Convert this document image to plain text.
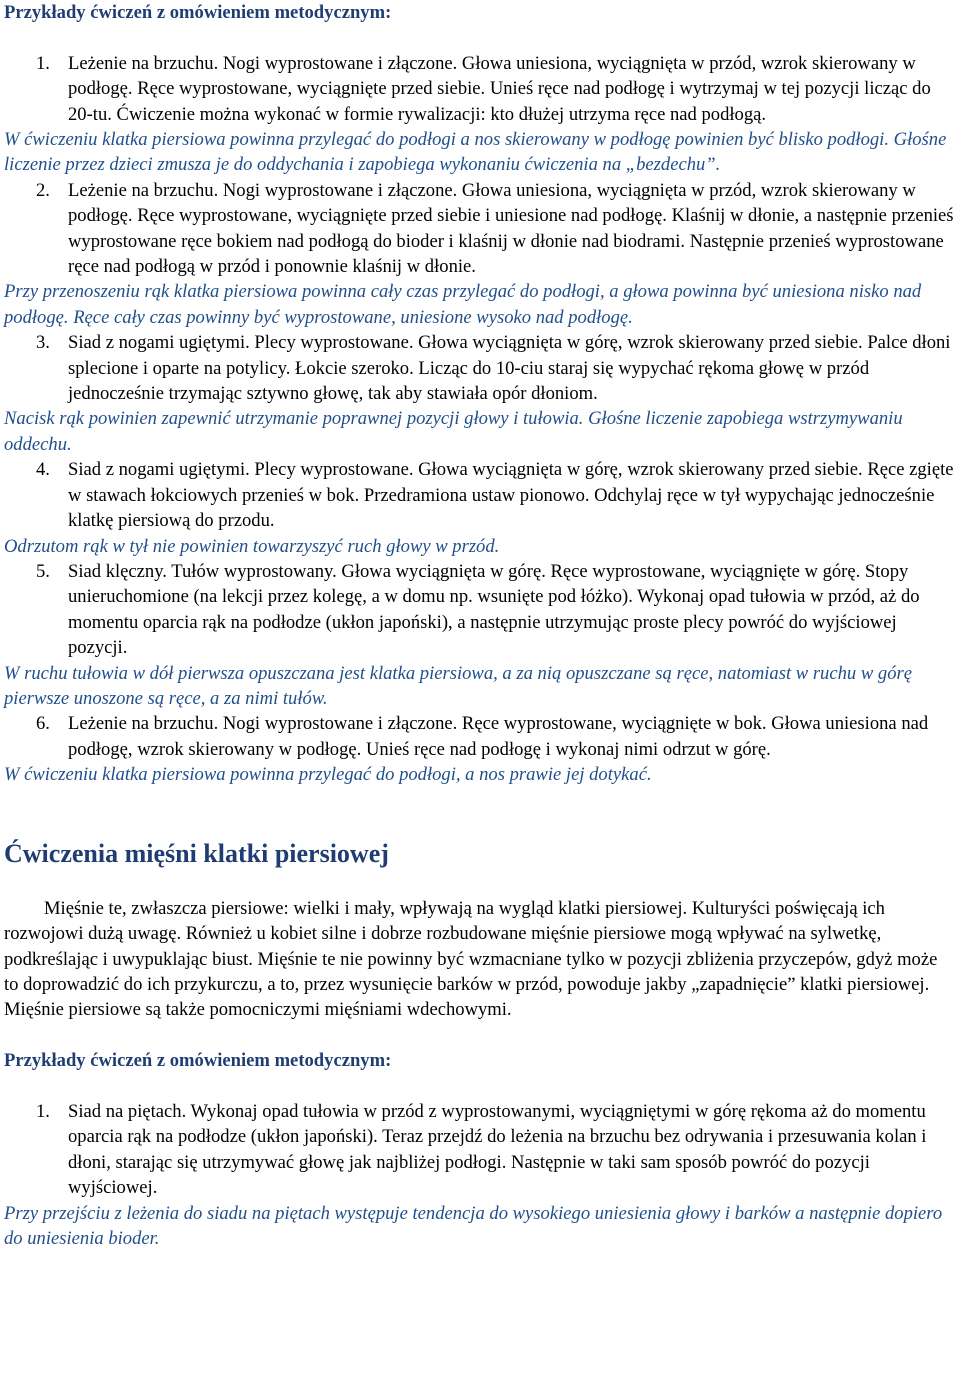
Przykłady ćwiczeń z omówieniem metodycznym:
1. Leżenie na brzuchu. Nogi wyprostowane i złączone. Głowa uniesiona, wyciągnięta w przód, wzrok skierowany w podłogę. Ręce wyprostowane, wyciągnięte przed siebie. Unieś ręce nad podłogę i wytrzymaj w tej pozycji licząc do 20-tu. Ćwiczenie można wykonać w formie rywalizacji: kto dłużej utrzyma ręce nad podłogą.
W ćwiczeniu klatka piersiowa powinna przylegać do podłogi a nos skierowany w podłogę powinien być blisko podłogi. Głośne liczenie przez dzieci zmusza je do oddychania i zapobiega wykonaniu ćwiczenia na „bezdechu”.
2. Leżenie na brzuchu. Nogi wyprostowane i złączone. Głowa uniesiona, wyciągnięta w przód, wzrok skierowany w podłogę. Ręce wyprostowane, wyciągnięte przed siebie i uniesione nad podłogę. Klaśnij w dłonie, a następnie przenieś wyprostowane ręce bokiem nad podłogą do bioder i klaśnij w dłonie nad biodrami. Następnie przenieś wyprostowane ręce nad podłogą w przód i ponownie klaśnij w dłonie.
Przy przenoszeniu rąk klatka piersiowa powinna cały czas przylegać do podłogi, a głowa powinna być uniesiona nisko nad podłogę. Ręce cały czas powinny być wyprostowane, uniesione wysoko nad podłogę.
3. Siad z nogami ugiętymi. Plecy wyprostowane. Głowa wyciągnięta w górę, wzrok skierowany przed siebie. Palce dłoni splecione i oparte na potylicy. Łokcie szeroko. Licząc do 10-ciu staraj się wypychać rękoma głowę w przód jednocześnie trzymając sztywno głowę, tak aby stawiała opór dłoniom.
Nacisk rąk powinien zapewnić utrzymanie poprawnej pozycji głowy i tułowia. Głośne liczenie zapobiega wstrzymywaniu oddechu.
4. Siad z nogami ugiętymi. Plecy wyprostowane. Głowa wyciągnięta w górę, wzrok skierowany przed siebie. Ręce zgięte w stawach łokciowych przenieś w bok. Przedramiona ustaw pionowo. Odchylaj ręce w tył wypychając jednocześnie klatkę piersiową do przodu.
Odrzutom rąk w tył nie powinien towarzyszyć ruch głowy w przód.
5. Siad klęczny. Tułów wyprostowany. Głowa wyciągnięta w górę. Ręce wyprostowane, wyciągnięte w górę. Stopy unieruchomione (na lekcji przez kolegę, a w domu np. wsunięte pod łóżko). Wykonaj opad tułowia w przód, aż do momentu oparcia rąk na podłodze (ukłon japoński), a następnie utrzymując proste plecy powróć do wyjściowej pozycji.
W ruchu tułowia w dół pierwsza opuszczana jest klatka piersiowa, a za nią opuszczane są ręce, natomiast w ruchu w górę pierwsze unoszone są ręce, a za nimi tułów.
6. Leżenie na brzuchu. Nogi wyprostowane i złączone. Ręce wyprostowane, wyciągnięte w bok. Głowa uniesiona nad podłogę, wzrok skierowany w podłogę. Unieś ręce nad podłogę i wykonaj nimi odrzut w górę.
W ćwiczeniu klatka piersiowa powinna przylegać do podłogi, a nos prawie jej dotykać.
Ćwiczenia mięśni klatki piersiowej
Mięśnie te, zwłaszcza piersiowe: wielki i mały, wpływają na wygląd klatki piersiowej. Kulturyści poświęcają ich rozwojowi dużą uwagę. Również u kobiet silne i dobrze rozbudowane mięśnie piersiowe mogą wpływać na sylwetkę, podkreślając i uwypuklając biust. Mięśnie te nie powinny być wzmacniane tylko w pozycji zbliżenia przyczepów, gdyż może to doprowadzić do ich przykurczu, a to, przez wysunięcie barków w przód, powoduje jakby „zapadnięcie” klatki piersiowej. Mięśnie piersiowe są także pomocniczymi mięśniami wdechowymi.
Przykłady ćwiczeń z omówieniem metodycznym:
1. Siad na piętach. Wykonaj opad tułowia w przód z wyprostowanymi, wyciągniętymi w górę rękoma aż do momentu oparcia rąk na podłodze (ukłon japoński). Teraz przejdź do leżenia na brzuchu bez odrywania i przesuwania kolan i dłoni, starając się utrzymywać głowę jak najbliżej podłogi. Następnie w taki sam sposób powróć do pozycji wyjściowej.
Przy przejściu z leżenia do siadu na piętach występuje tendencja do wysokiego uniesienia głowy i barków a następnie dopiero do uniesienia bioder.
